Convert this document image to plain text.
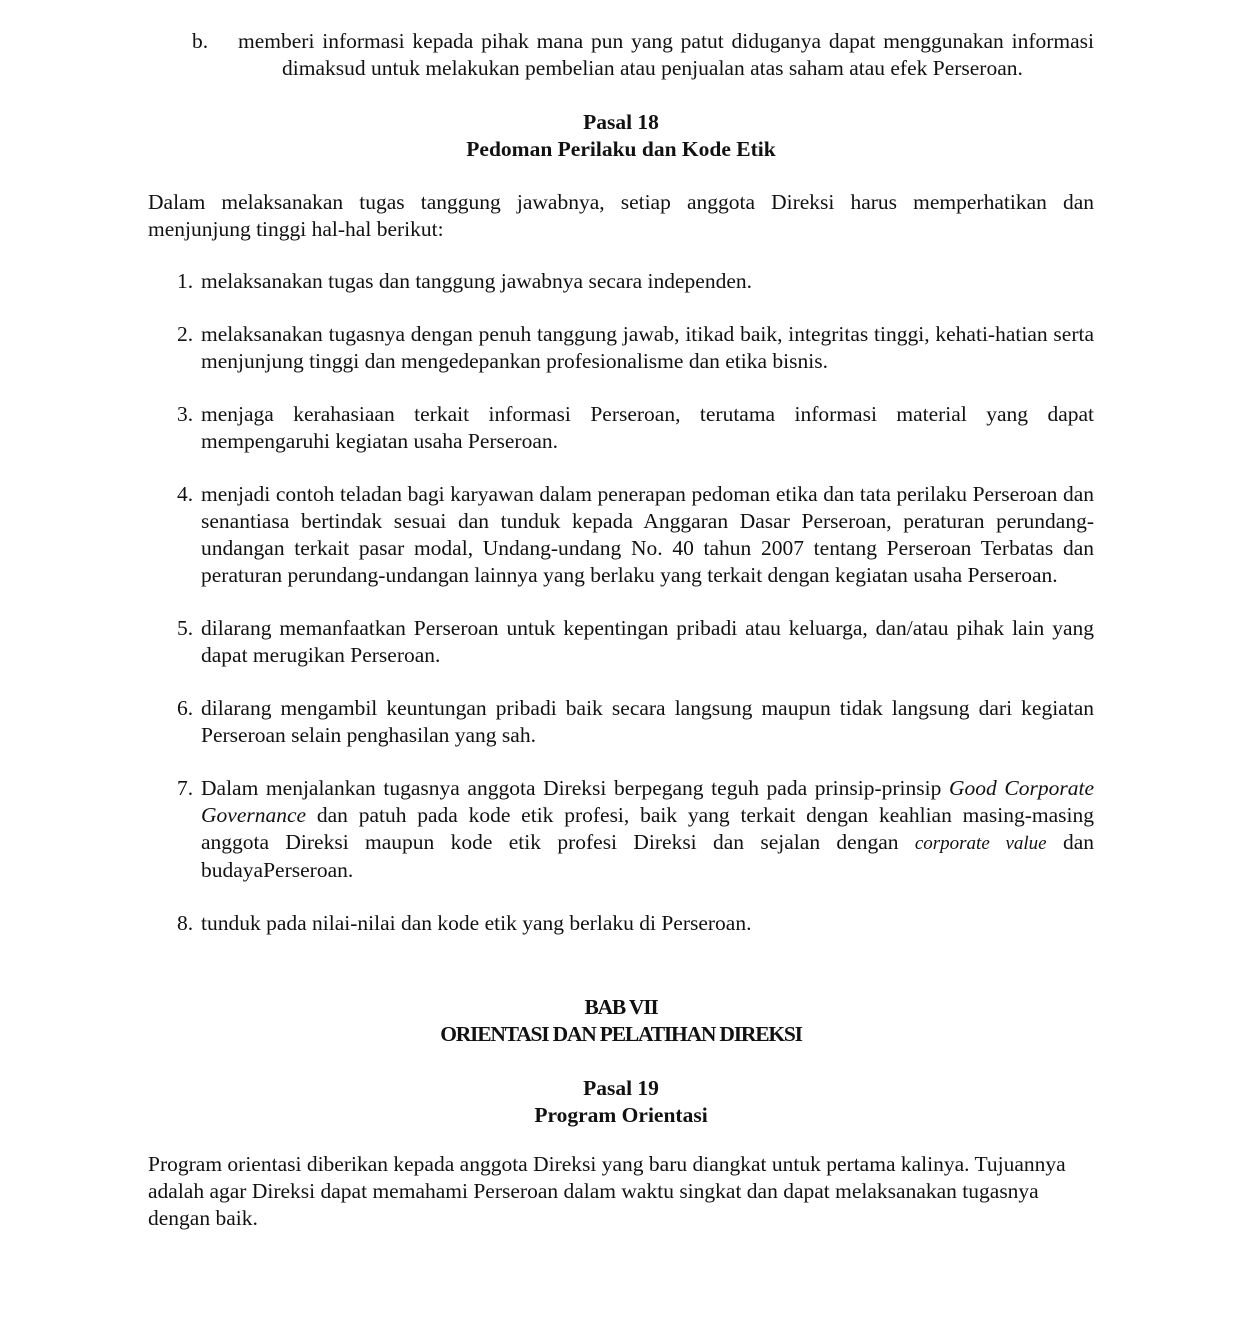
b.	memberi informasi kepada pihak mana pun yang patut diduganya dapat menggunakan informasi dimaksud untuk melakukan pembelian atau penjualan atas saham atau efek Perseroan.
Pasal 18
Pedoman Perilaku dan Kode Etik
Dalam melaksanakan tugas tanggung jawabnya, setiap anggota Direksi harus memperhatikan dan menjunjung tinggi hal-hal berikut:
1. melaksanakan tugas dan tanggung jawabnya secara independen.
2. melaksanakan tugasnya dengan penuh tanggung jawab, itikad baik, integritas tinggi, kehati-hatian serta menjunjung tinggi dan mengedepankan profesionalisme dan etika bisnis.
3. menjaga kerahasiaan terkait informasi Perseroan, terutama informasi material yang dapat mempengaruhi kegiatan usaha Perseroan.
4. menjadi contoh teladan bagi karyawan dalam penerapan pedoman etika dan tata perilaku Perseroan dan senantiasa bertindak sesuai dan tunduk kepada Anggaran Dasar Perseroan, peraturan perundang-undangan terkait pasar modal, Undang-undang No. 40 tahun 2007 tentang Perseroan Terbatas dan peraturan perundang-undangan lainnya yang berlaku yang terkait dengan kegiatan usaha Perseroan.
5. dilarang memanfaatkan Perseroan untuk kepentingan pribadi atau keluarga, dan/atau pihak lain yang dapat merugikan Perseroan.
6. dilarang mengambil keuntungan pribadi baik secara langsung maupun tidak langsung dari kegiatan Perseroan selain penghasilan yang sah.
7. Dalam menjalankan tugasnya anggota Direksi berpegang teguh pada prinsip-prinsip Good Corporate Governance dan patuh pada kode etik profesi, baik yang terkait dengan keahlian masing-masing anggota Direksi maupun kode etik profesi Direksi dan sejalan dengan corporate value dan budayaPerseroan.
8. tunduk pada nilai-nilai dan kode etik yang berlaku di Perseroan.
BAB VII
ORIENTASI DAN PELATIHAN DIREKSI
Pasal 19
Program Orientasi
Program orientasi diberikan kepada anggota Direksi yang baru diangkat untuk pertama kalinya. Tujuannya adalah agar Direksi dapat memahami Perseroan dalam waktu singkat dan dapat melaksanakan tugasnya dengan baik.
